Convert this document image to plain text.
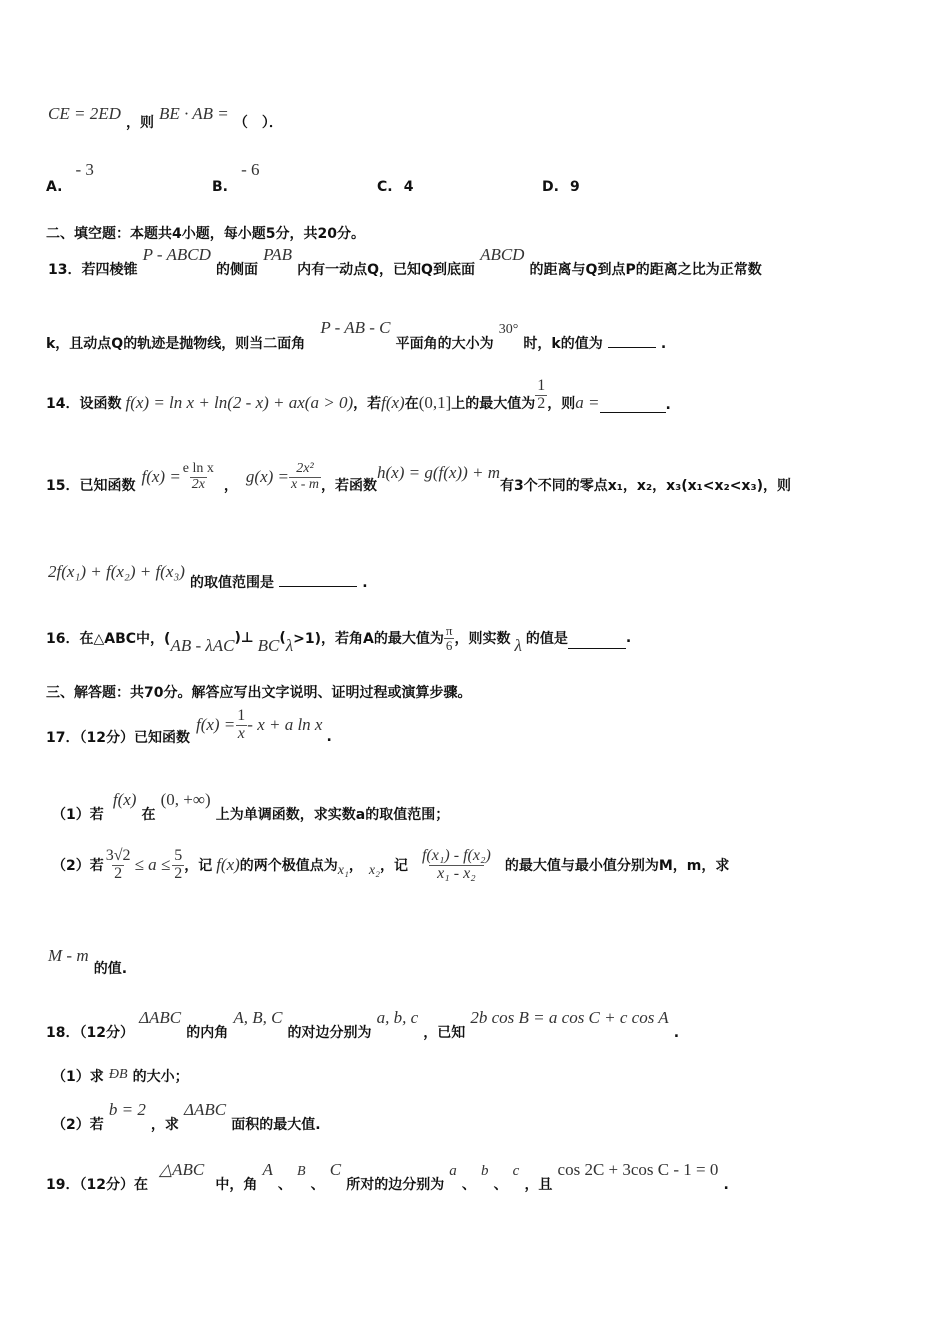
CE = 2ED ，则 BE · AB = （　）．
A. - 3
B. - 6
C. 4	D. 9
二、填空题：本题共4小题，每小题5分，共20分。
13．若四棱锥 P - ABCD 的侧面 PAB 内有一动点Q，已知Q到底面 ABCD 的距离与Q到点P的距离之比为正常数
k，且动点Q的轨迹是抛物线，则当二面角 P - AB - C 平面角的大小为 30° 时，k的值为	.
14．设函数 f(x) = ln x + ln(2 - x) + ax(a > 0) ，若 f(x) 在 (0,1] 上的最大值为 $\frac{1}{2}$ ，则 a =	.
15．已知函数 $f(x) = \frac{\text{e ln x}}{2x}$ ， $g(x) = \frac{\text{2x²}}{x - m}$ ，若函数
h(x) = g(f(x)) + m
有3个不同的零点x₁，x₂，x₃(x₁<x₂<x₃)，则
2f(x₁) + f(x₂) + f(x₃) 的取值范围是	.
16．在△ABC中，( AB - λAC )⊥ BC ( λ >1)，若角A的最大值为 $\frac{\pi}{6}$ ，则实数 λ 的值是	.
三、解答题：共70分。解答应写出文字说明、证明过程或演算步骤。
17．（12分）已知函数
$f(x) = \frac{1}{x} - x + a$ ln x
.
（1）若 f(x) 在 (0, +∞) 上为单调函数，求实数a的取值范围；
（2）若 $\frac{3√2}{2} \le a \le \frac{5}{2}$ ，记 f(x) 的两个极值点为 x₁ ， x₂ ，记 $\frac{\text{f(x₁) - f(x₂)}}{\text{x₁ - x₂}}$ 的最大值与最小值分别为M，m，求
M - m 的值.
18．（12分） ΔABC 的内角 A, B, C 的对边分别为 a, b, c ，已知 2b cos B = a cos C + c cos A .
（1）求 ÐB 的大小；
（2）若 b = 2 ，求 ΔABC 面积的最大值.
19．（12分）在 △ABC 中，角 A 、 B 、 C 所对的边分别为 a 、 b 、 c ，且 cos 2C + 3cos C - 1 = 0 .
